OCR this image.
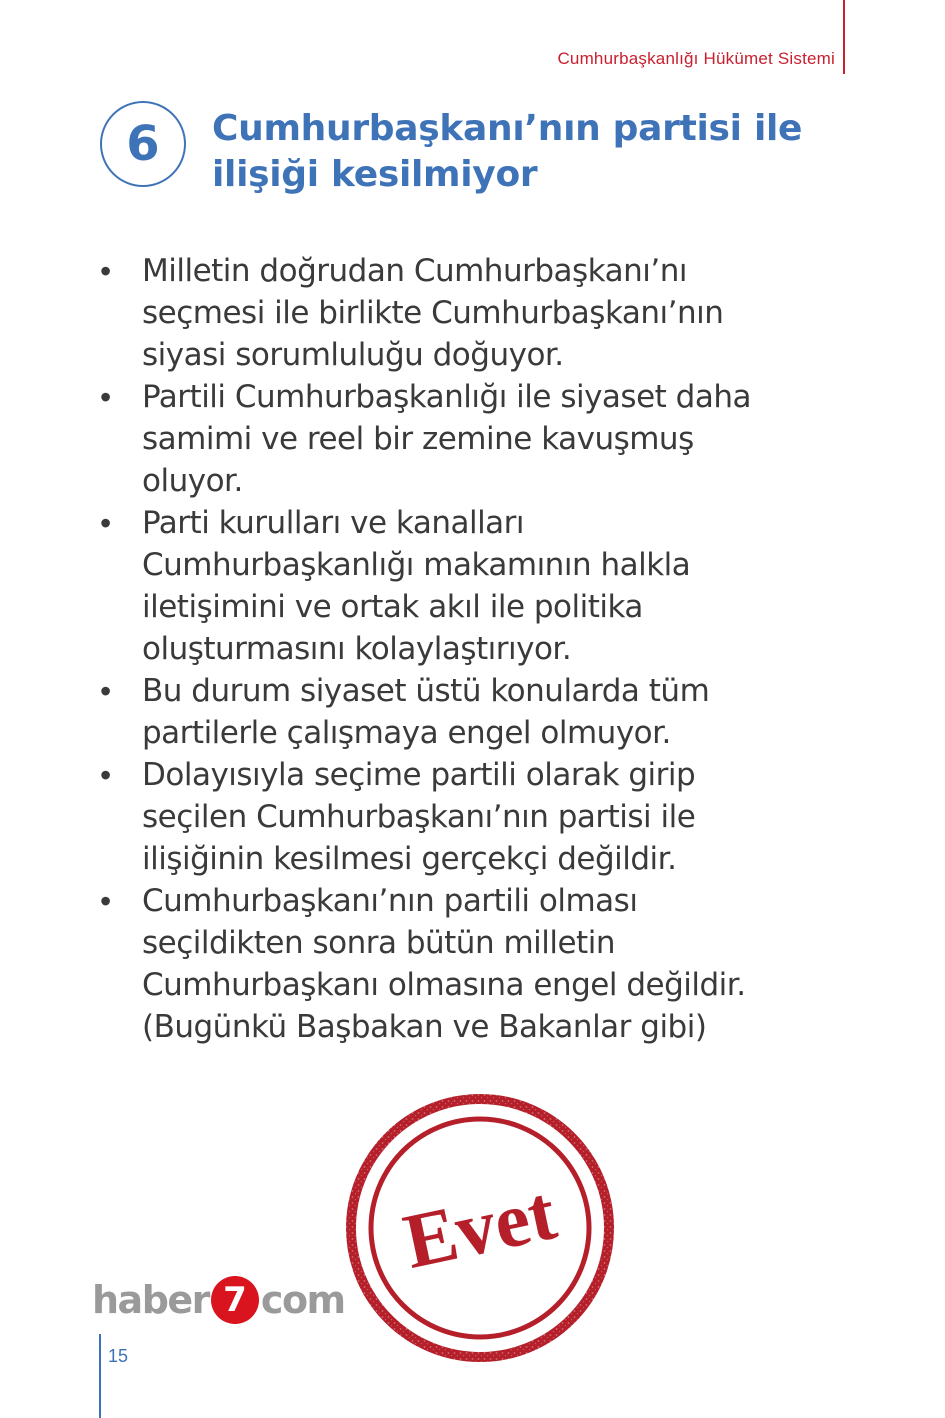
Cumhurbaşkanlığı Hükümet Sistemi
6	Cumhurbaşkanı’nın partisi ile
ilişiği kesilmiyor
• Milletin doğrudan Cumhurbaşkanı’nı
seçmesi ile birlikte Cumhurbaşkanı’nın
siyasi sorumluluğu doğuyor.
• Partili Cumhurbaşkanlığı ile siyaset daha
samimi ve reel bir zemine kavuşmuş
oluyor.
• Parti kurulları ve kanalları
Cumhurbaşkanlığı makamının halkla
iletişimini ve ortak akıl ile politika
oluşturmasını kolaylaştırıyor.
• Bu durum siyaset üstü konularda tüm
partilerle çalışmaya engel olmuyor.
• Dolayısıyla seçime partili olarak girip
seçilen Cumhurbaşkanı’nın partisi ile
ilişiğinin kesilmesi gerçekçi değildir.
• Cumhurbaşkanı’nın partili olması
seçildikten sonra bütün milletin
Cumhurbaşkanı olmasına engel değildir.
(Bugünkü Başbakan ve Bakanlar gibi)
haber 7 com
Evet
15
